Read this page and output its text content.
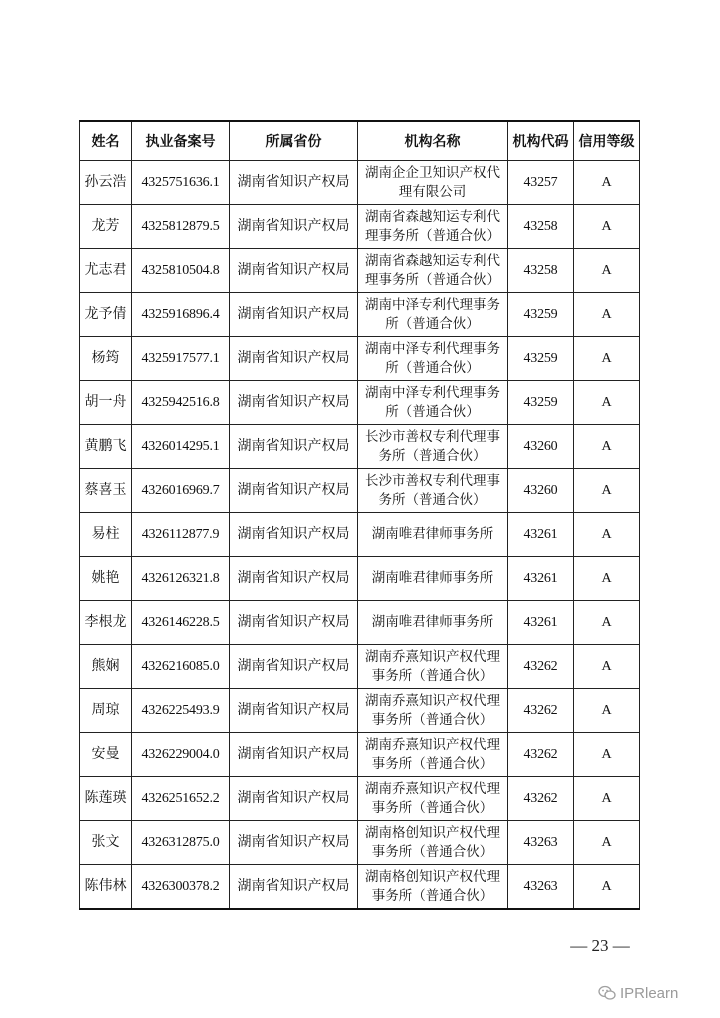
姓名	执业备案号	所属省份	机构名称	机构代码	信用等级
孙云浩	4325751636.1	湖南省知识产权局	湖南企企卫知识产权代理有限公司	43257	A
龙芳	4325812879.5	湖南省知识产权局	湖南省森越知运专利代理事务所（普通合伙）	43258	A
尤志君	4325810504.8	湖南省知识产权局	湖南省森越知运专利代理事务所（普通合伙）	43258	A
龙予倩	4325916896.4	湖南省知识产权局	湖南中泽专利代理事务所（普通合伙）	43259	A
杨筠	4325917577.1	湖南省知识产权局	湖南中泽专利代理事务所（普通合伙）	43259	A
胡一舟	4325942516.8	湖南省知识产权局	湖南中泽专利代理事务所（普通合伙）	43259	A
黄鹏飞	4326014295.1	湖南省知识产权局	长沙市善权专利代理事务所（普通合伙）	43260	A
蔡喜玉	4326016969.7	湖南省知识产权局	长沙市善权专利代理事务所（普通合伙）	43260	A
易柱	4326112877.9	湖南省知识产权局	湖南唯君律师事务所	43261	A
姚艳	4326126321.8	湖南省知识产权局	湖南唯君律师事务所	43261	A
李根龙	4326146228.5	湖南省知识产权局	湖南唯君律师事务所	43261	A
熊娴	4326216085.0	湖南省知识产权局	湖南乔熹知识产权代理事务所（普通合伙）	43262	A
周琼	4326225493.9	湖南省知识产权局	湖南乔熹知识产权代理事务所（普通合伙）	43262	A
安曼	4326229004.0	湖南省知识产权局	湖南乔熹知识产权代理事务所（普通合伙）	43262	A
陈莲瑛	4326251652.2	湖南省知识产权局	湖南乔熹知识产权代理事务所（普通合伙）	43262	A
张文	4326312875.0	湖南省知识产权局	湖南格创知识产权代理事务所（普通合伙）	43263	A
陈伟林	4326300378.2	湖南省知识产权局	湖南格创知识产权代理事务所（普通合伙）	43263	A
— 23 —
IPRlearn
